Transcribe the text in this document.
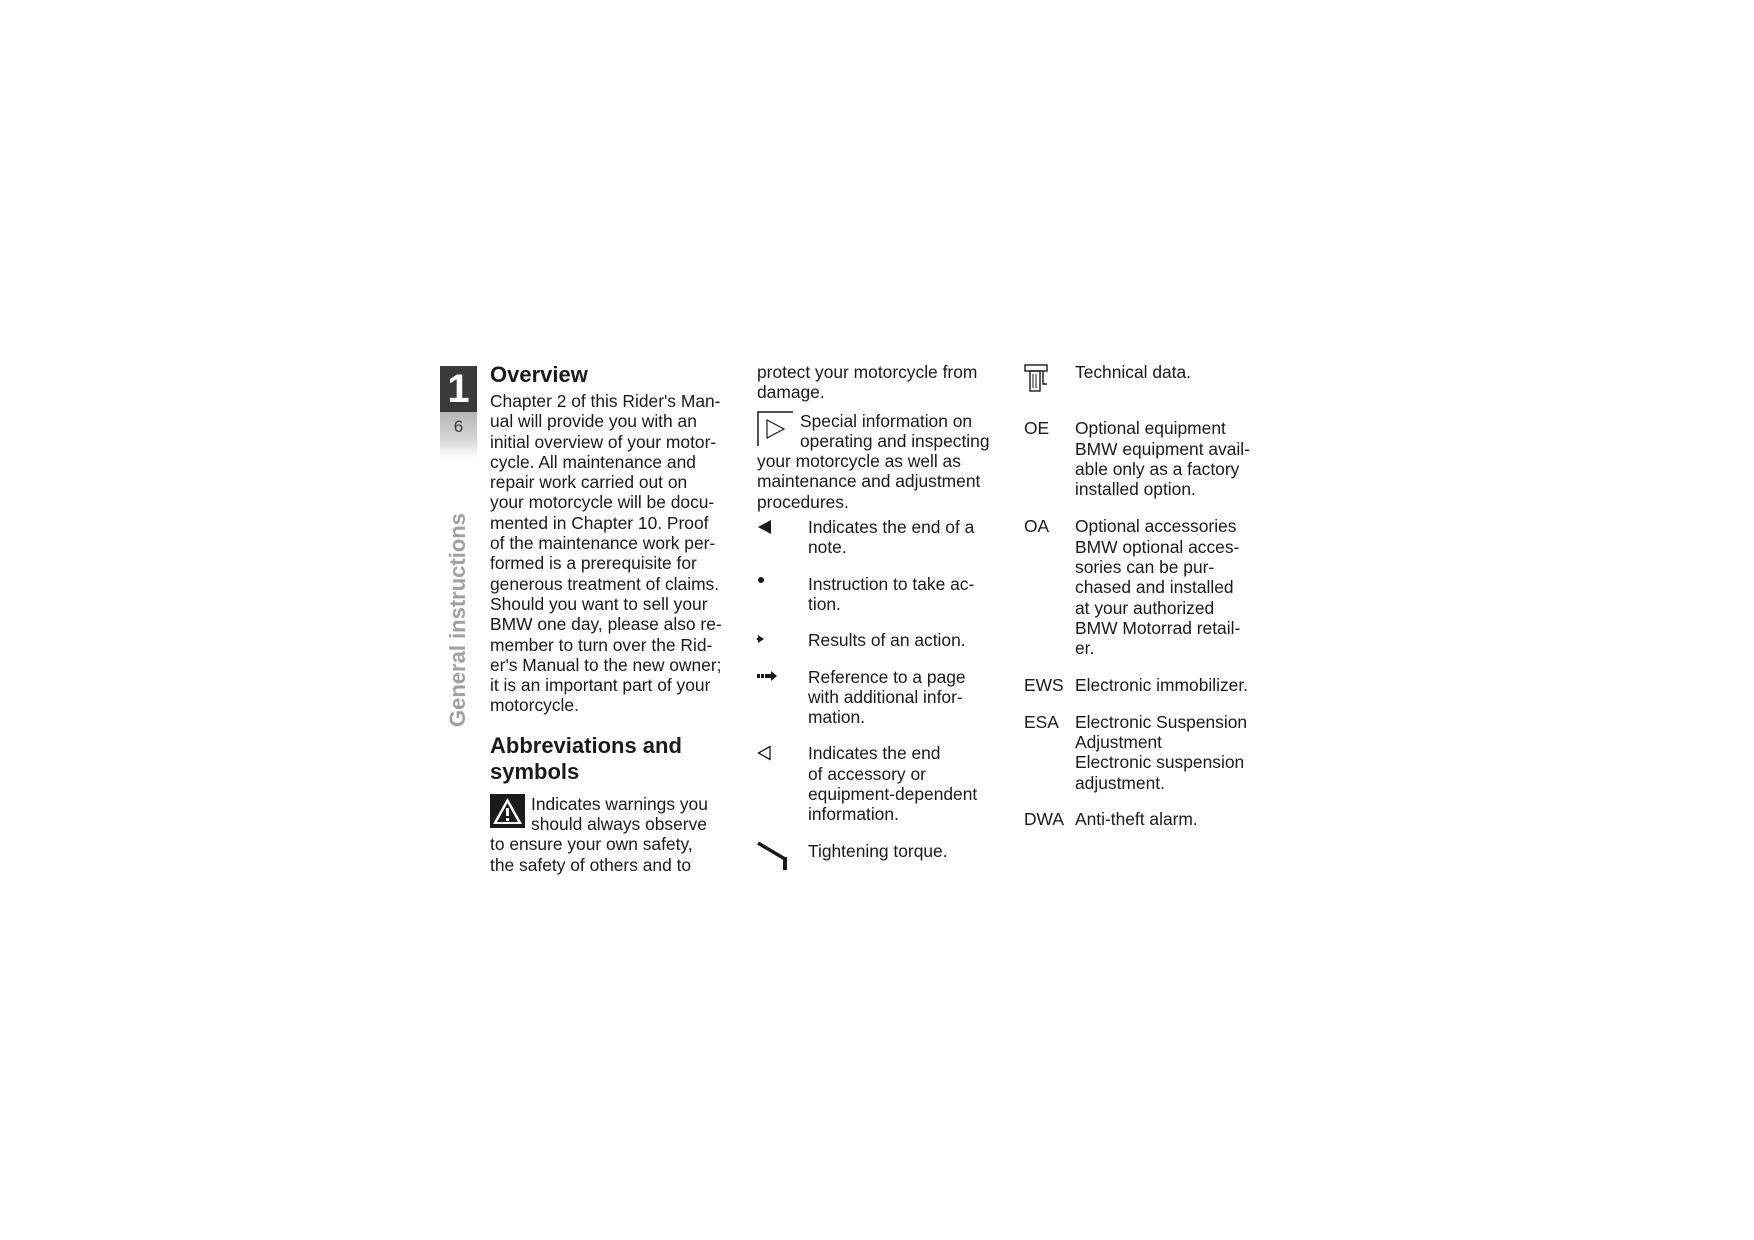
1
6
General instructions
Overview
Chapter 2 of this Rider's Man-
ual will provide you with an
initial overview of your motor-
cycle. All maintenance and
repair work carried out on
your motorcycle will be docu-
mented in Chapter 10. Proof
of the maintenance work per-
formed is a prerequisite for
generous treatment of claims.
Should you want to sell your
BMW one day, please also re-
member to turn over the Rid-
er's Manual to the new owner;
it is an important part of your
motorcycle.
Abbreviations and symbols
Indicates warnings you
should always observe
to ensure your own safety,
the safety of others and to
protect your motorcycle from
damage.
Special information on
operating and inspecting
your motorcycle as well as
maintenance and adjustment
procedures.
Indicates the end of a
note.
Instruction to take ac-
tion.
Results of an action.
Reference to a page
with additional infor-
mation.
Indicates the end
of accessory or
equipment-dependent
information.
Tightening torque.
Technical data.
OE	Optional equipment
BMW equipment avail-
able only as a factory
installed option.
OA	Optional accessories
BMW optional acces-
sories can be pur-
chased and installed
at your authorized
BMW Motorrad retail-
er.
EWS Electronic immobilizer.
ESA Electronic Suspension
Adjustment
Electronic suspension
adjustment.
DWA Anti-theft alarm.
